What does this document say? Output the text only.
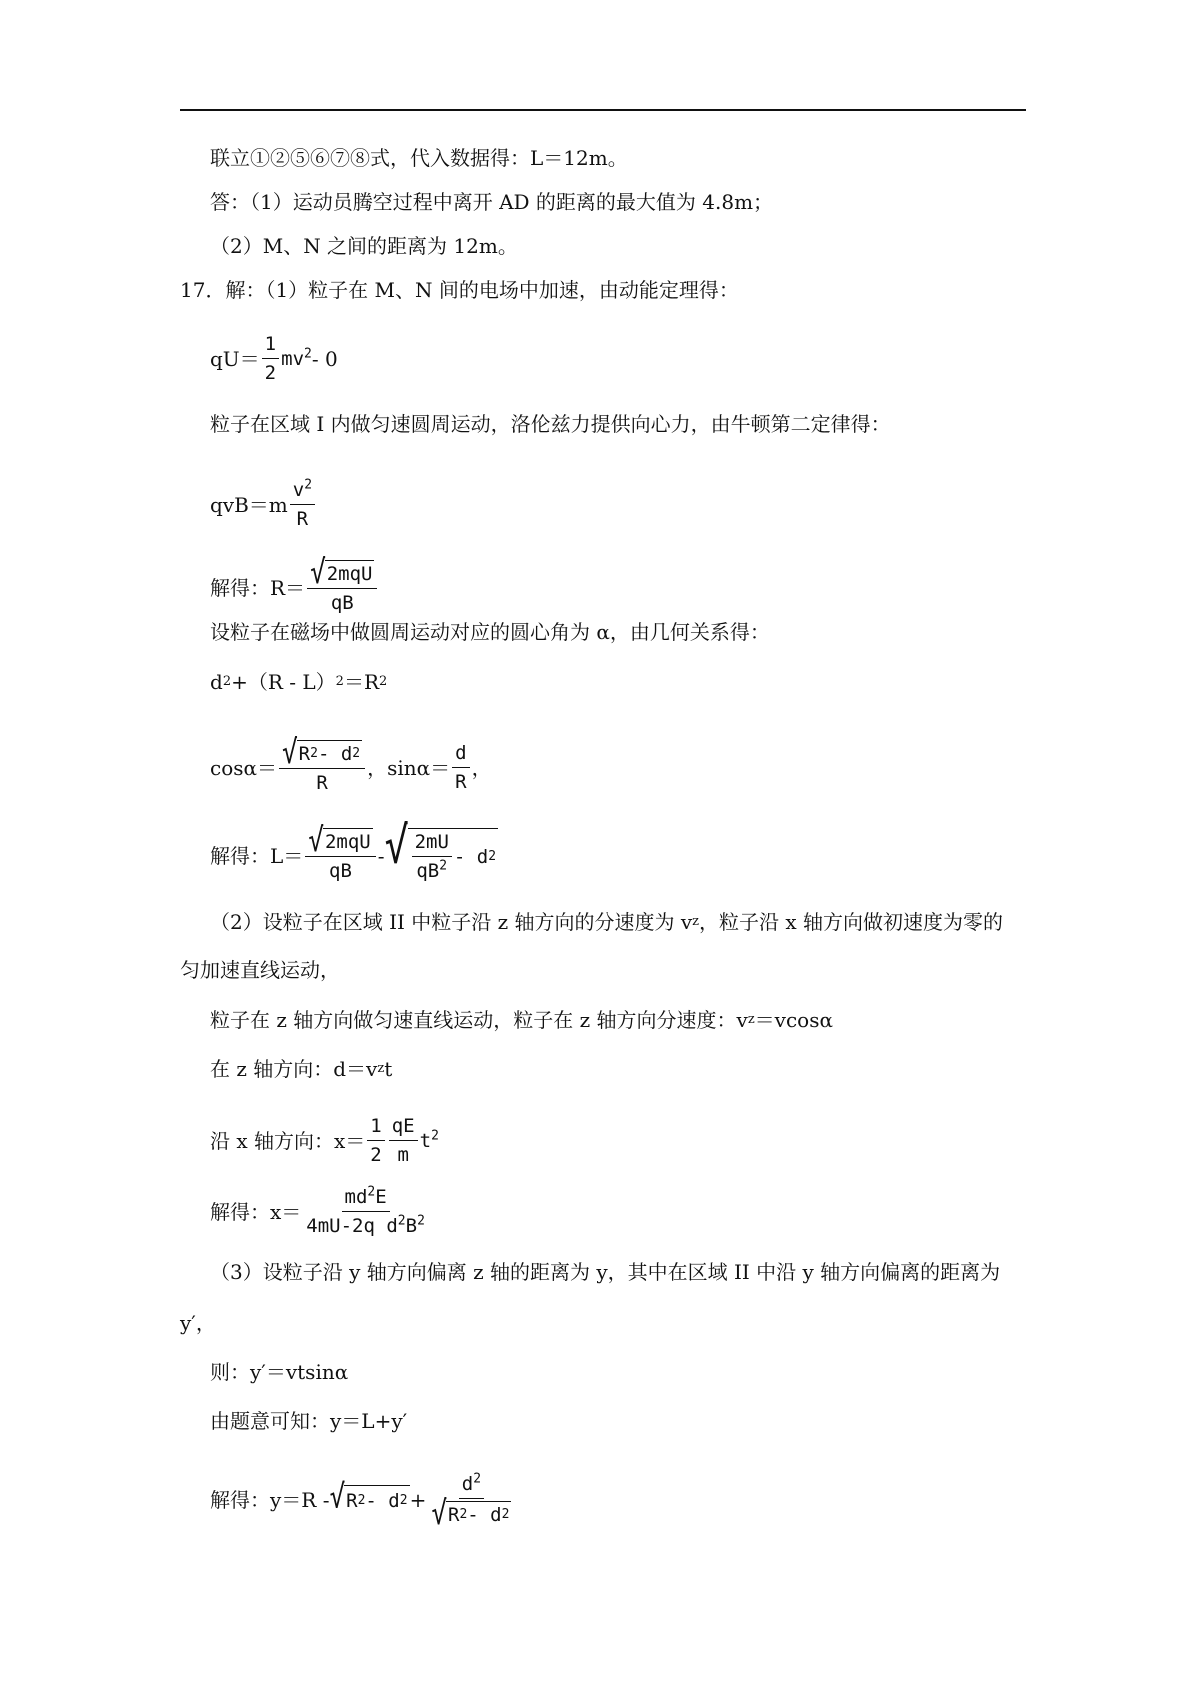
联立①②⑤⑥⑦⑧式，代入数据得：L＝12m。
答：（1）运动员腾空过程中离开 AD 的距离的最大值为 4.8m；
（2）M、N 之间的距离为 12m。
17．解：（1）粒子在 M、N 间的电场中加速，由动能定理得：
$qU= \frac{1}{2} mv^2 - 0$
粒子在区域 I 内做匀速圆周运动，洛伦兹力提供向心力，由牛顿第二定律得：
$qvB=m \frac{v^2}{R}$
解得： $R= \frac{\text{√ 2mqU}}{qB}$
设粒子在磁场中做圆周运动对应的圆心角为 α，由几何关系得：
d 2 +（R - L） 2 ＝R 2
$\cos\alpha= \frac{√ R 2 - d 2}{R}$ ，$\sin\alpha= \frac{d}{R}$ ，
解得： $L= \frac{\text{√ 2mqU}}{qB}$ - √ $\frac{2mU}{qB^2}$ - d 2
（2）设粒子在区域 II 中粒子沿 z 轴方向的分速度为 v z ，粒子沿 x 轴方向做初速度为零的
匀加速直线运动，
粒子在 z 轴方向做匀速直线运动，粒子在 z 轴方向分速度：v z ＝vcosα
在 z 轴方向：d＝v z t
沿 x 轴方向：$x= \frac{1}{2} \frac{qE}{m} t^2$
解得：$x= \frac{md^2E}{4mU-2q d^2B^2}$
（3）设粒子沿 y 轴方向偏离 z 轴的距离为 y，其中在区域 II 中沿 y 轴方向偏离的距离为
y′，
则：y′＝vtsinα
由题意可知：y＝L+y′
解得： y＝R - √ R 2 - d $2 + \frac{d^2}{√ R 2 - d 2}$
